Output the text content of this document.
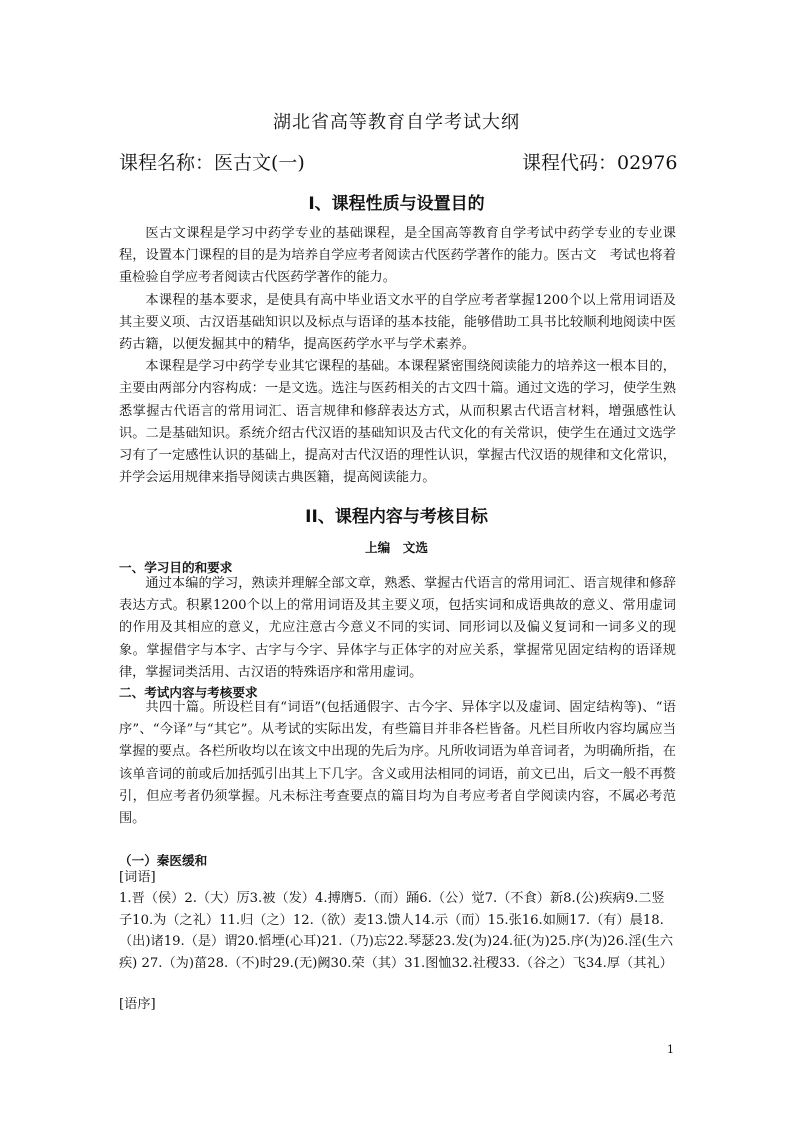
湖北省高等教育自学考试大纲
课程名称：医古文(一)	课程代码：02976
I、课程性质与设置目的

医古文课程是学习中药学专业的基础课程，是全国高等教育自学考试中药学专业的专业课程，设置本门课程的目的是为培养自学应考者阅读古代医药学著作的能力。医古文　考试也将着重检验自学应考者阅读古代医药学著作的能力。

本课程的基本要求，是使具有高中毕业语文水平的自学应考者掌握1200个以上常用词语及其主要义项、古汉语基础知识以及标点与语译的基本技能，能够借助工具书比较顺利地阅读中医药古籍，以便发掘其中的精华，提高医药学水平与学术素养。

本课程是学习中药学专业其它课程的基础。本课程紧密围绕阅读能力的培养这一根本目的，主要由两部分内容构成：一是文选。选注与医药相关的古文四十篇。通过文选的学习，使学生熟悉掌握古代语言的常用词汇、语言规律和修辞表达方式，从而积累古代语言材料，增强感性认识。二是基础知识。系统介绍古代汉语的基础知识及古代文化的有关常识，使学生在通过文选学习有了一定感性认识的基础上，提高对古代汉语的理性认识，掌握古代汉语的规律和文化常识，并学会运用规律来指导阅读古典医籍，提高阅读能力。

II、课程内容与考核目标
上编　文选
一、学习目的和要求

通过本编的学习，熟读并理解全部文章，熟悉、掌握古代语言的常用词汇、语言规律和修辞表达方式。积累1200个以上的常用词语及其主要义项，包括实词和成语典故的意义、常用虚词的作用及其相应的意义，尤应注意古今意义不同的实词、同形词以及偏义复词和一词多义的现象。掌握借字与本字、古字与今字、异体字与正体字的对应关系，掌握常见固定结构的语译规律，掌握词类活用、古汉语的特殊语序和常用虚词。

二、考试内容与考核要求

共四十篇。所设栏目有“词语”(包括通假字、古今字、异体字以及虚词、固定结构等)、“语序”、“今译”与“其它”。从考试的实际出发，有些篇目并非各栏皆备。凡栏目所收内容均属应当掌握的要点。各栏所收均以在该文中出现的先后为序。凡所收词语为单音词者，为明确所指，在该单音词的前或后加括弧引出其上下几字。含义或用法相同的词语，前文已出，后文一般不再赘引，但应考者仍须掌握。凡未标注考查要点的篇目均为自考应考者自学阅读内容，不属必考范围。

（一）秦医缓和
[词语]
1.晋（侯）2.（大）厉3.被（发）4.搏膺5.（而）踊6.（公）觉7.（不食）新8.(公)疾病9.二竖子10.为（之礼）11.归（之）12.（欲）麦13.馈人14.示（而）15.张16.如厕17.（有）晨18.（出)诸19.（是）谓20.慆堙(心耳)21.（乃)忘22.琴瑟23.发(为)24.征(为)25.序(为)26.淫(生六疾) 27.（为)菑28.（不)时29.(无)阙30.荣（其）31.图恤32.社稷33.（谷之）飞34.厚（其礼）
[语序]
1
